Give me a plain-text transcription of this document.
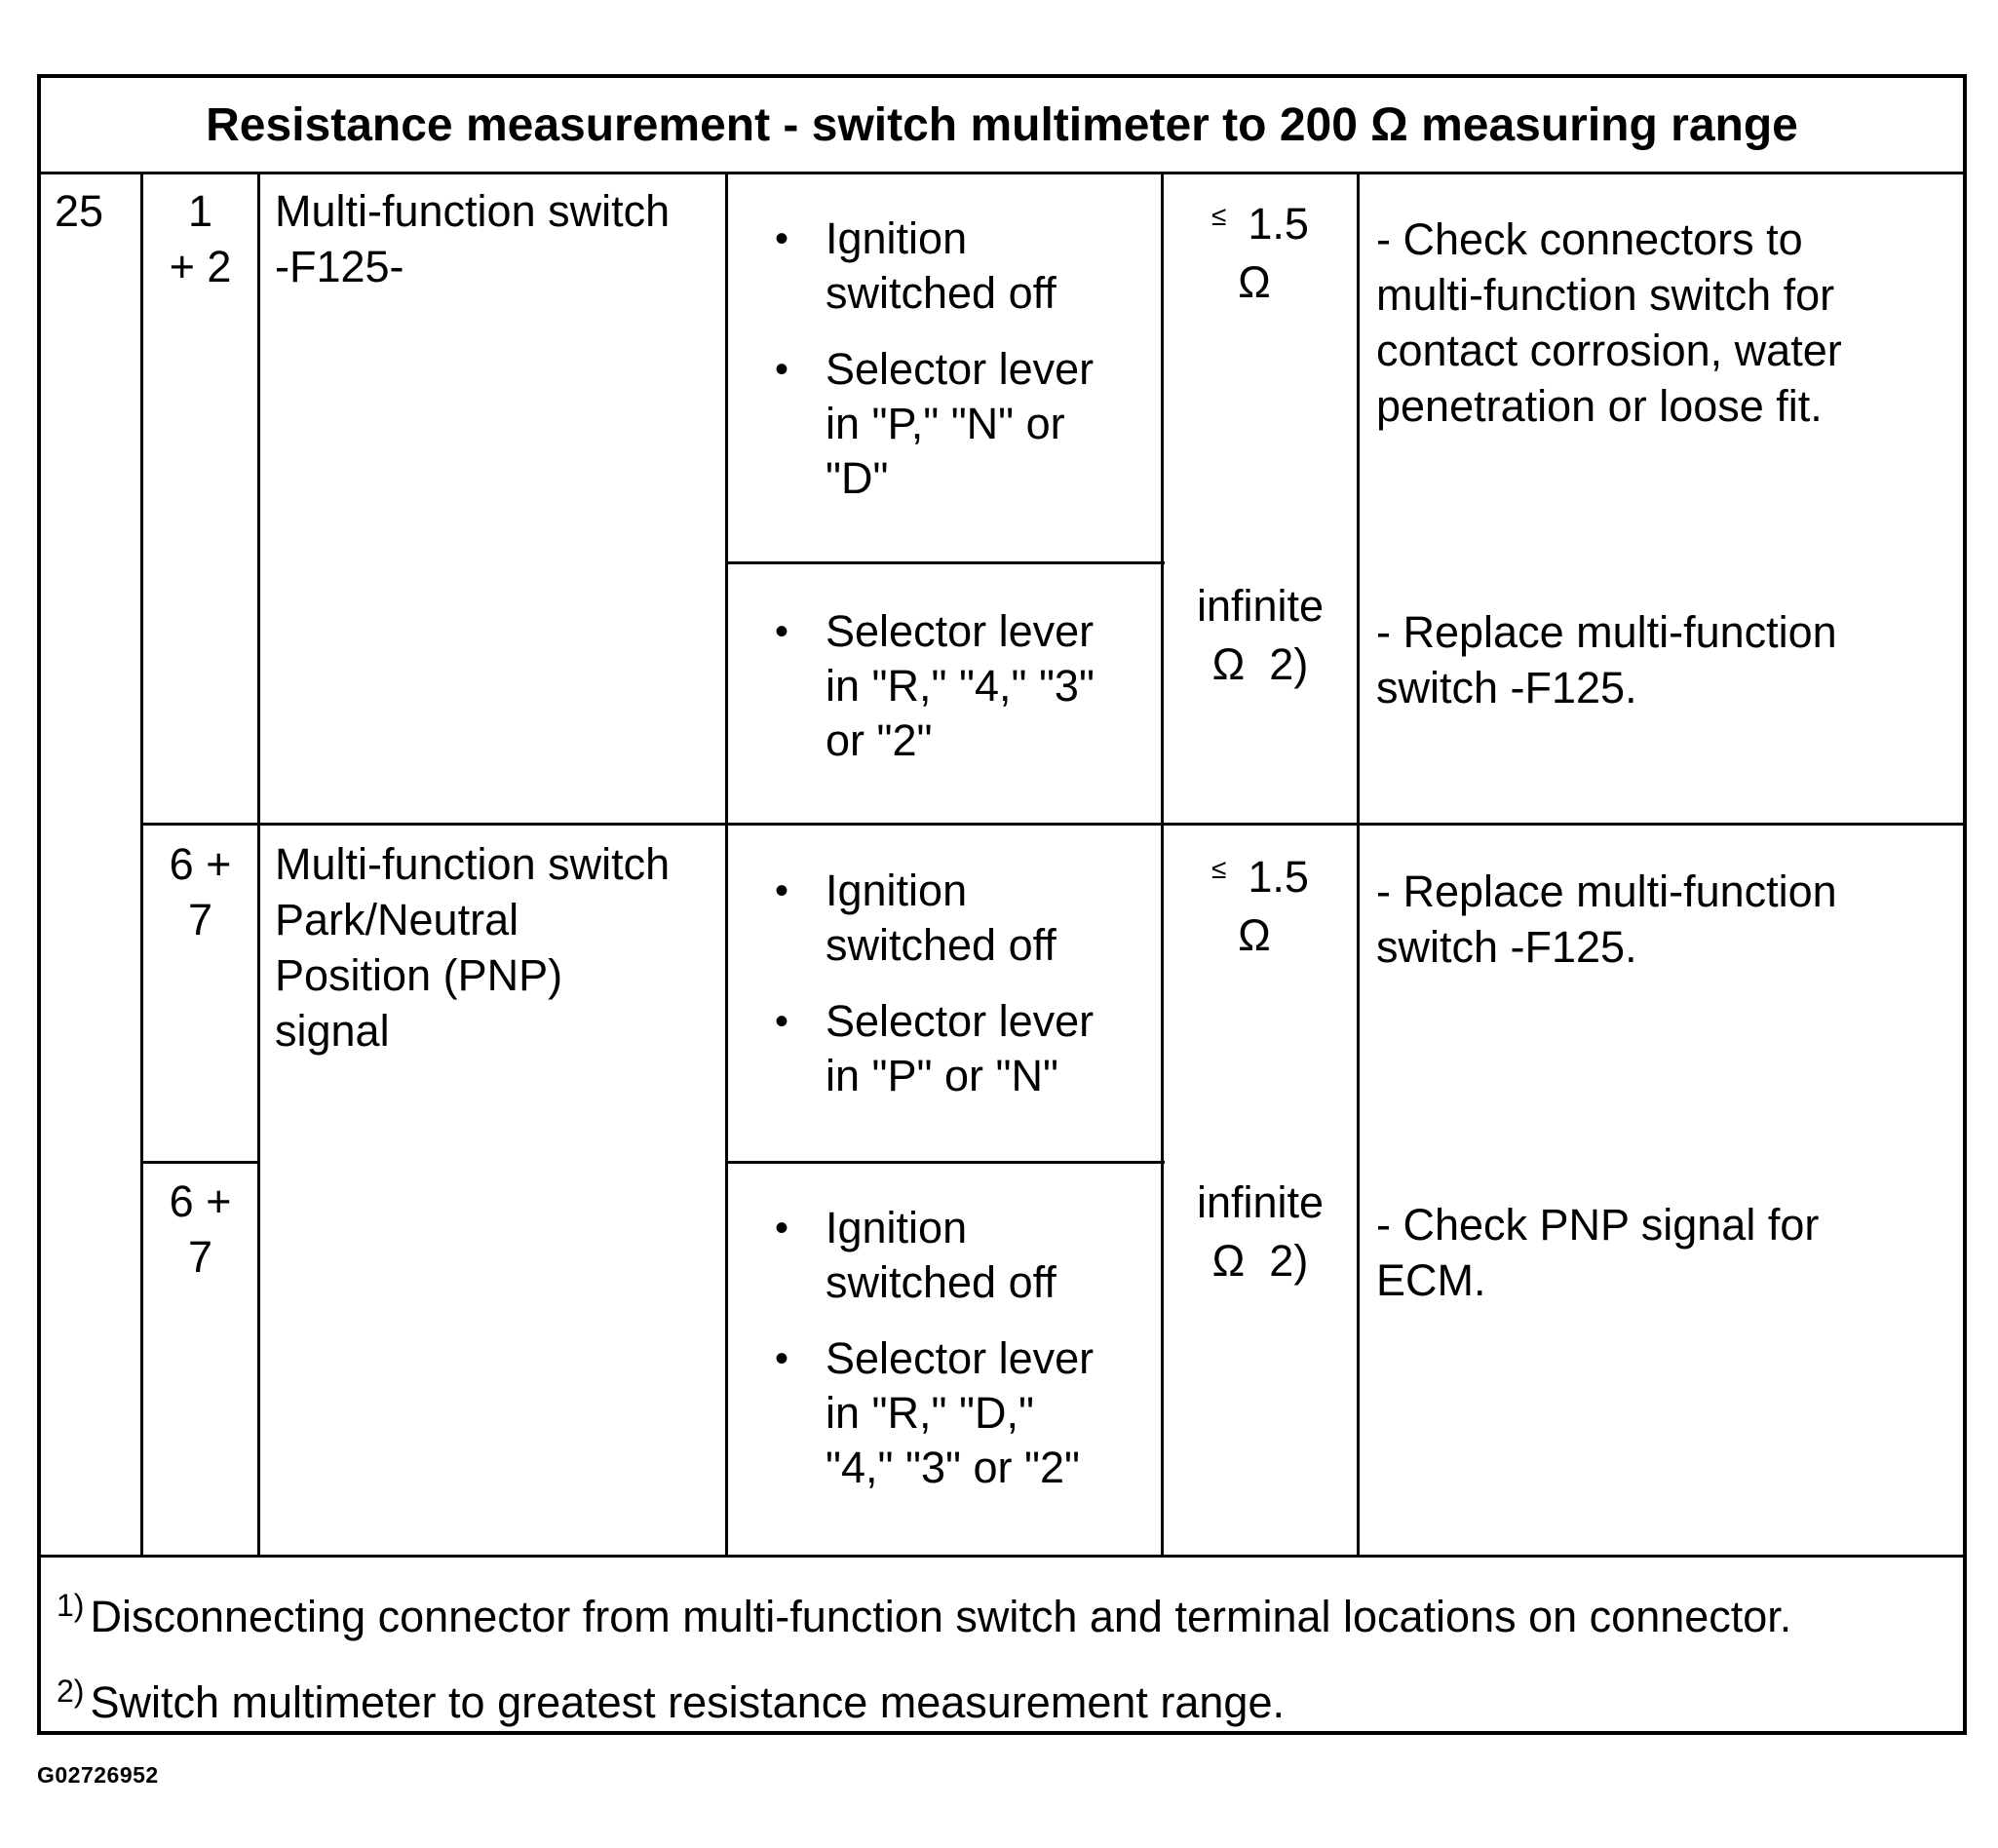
Resistance measurement - switch multimeter to 200 Ω measuring range
25	1
+ 2
Multi-function switch
-F125-
• Ignition
switched off
• Selector lever
in "P," "N" or
"D"
≤ 1.5
Ω
- Check connectors to
multi-function switch for
contact corrosion, water
penetration or loose fit.
• Selector lever
in "R," "4," "3"
or "2"
infinite
Ω  2)
- Replace multi-function
switch -F125.
Multi-function switch
Park/Neutral
Position (PNP)
signal
6 +
7
• Ignition
switched off
• Selector lever
in "P" or "N"
≤ 1.5
Ω
- Replace multi-function
switch -F125.
6 +
7
• Ignition
switched off
• Selector lever
in "R," "D,"
"4," "3" or "2"
infinite
Ω  2)
- Check PNP signal for
ECM.
$^{1)}$ Disconnecting connector from multi-function switch and terminal locations on connector.
$^{2)}$ Switch multimeter to greatest resistance measurement range.
G02726952
